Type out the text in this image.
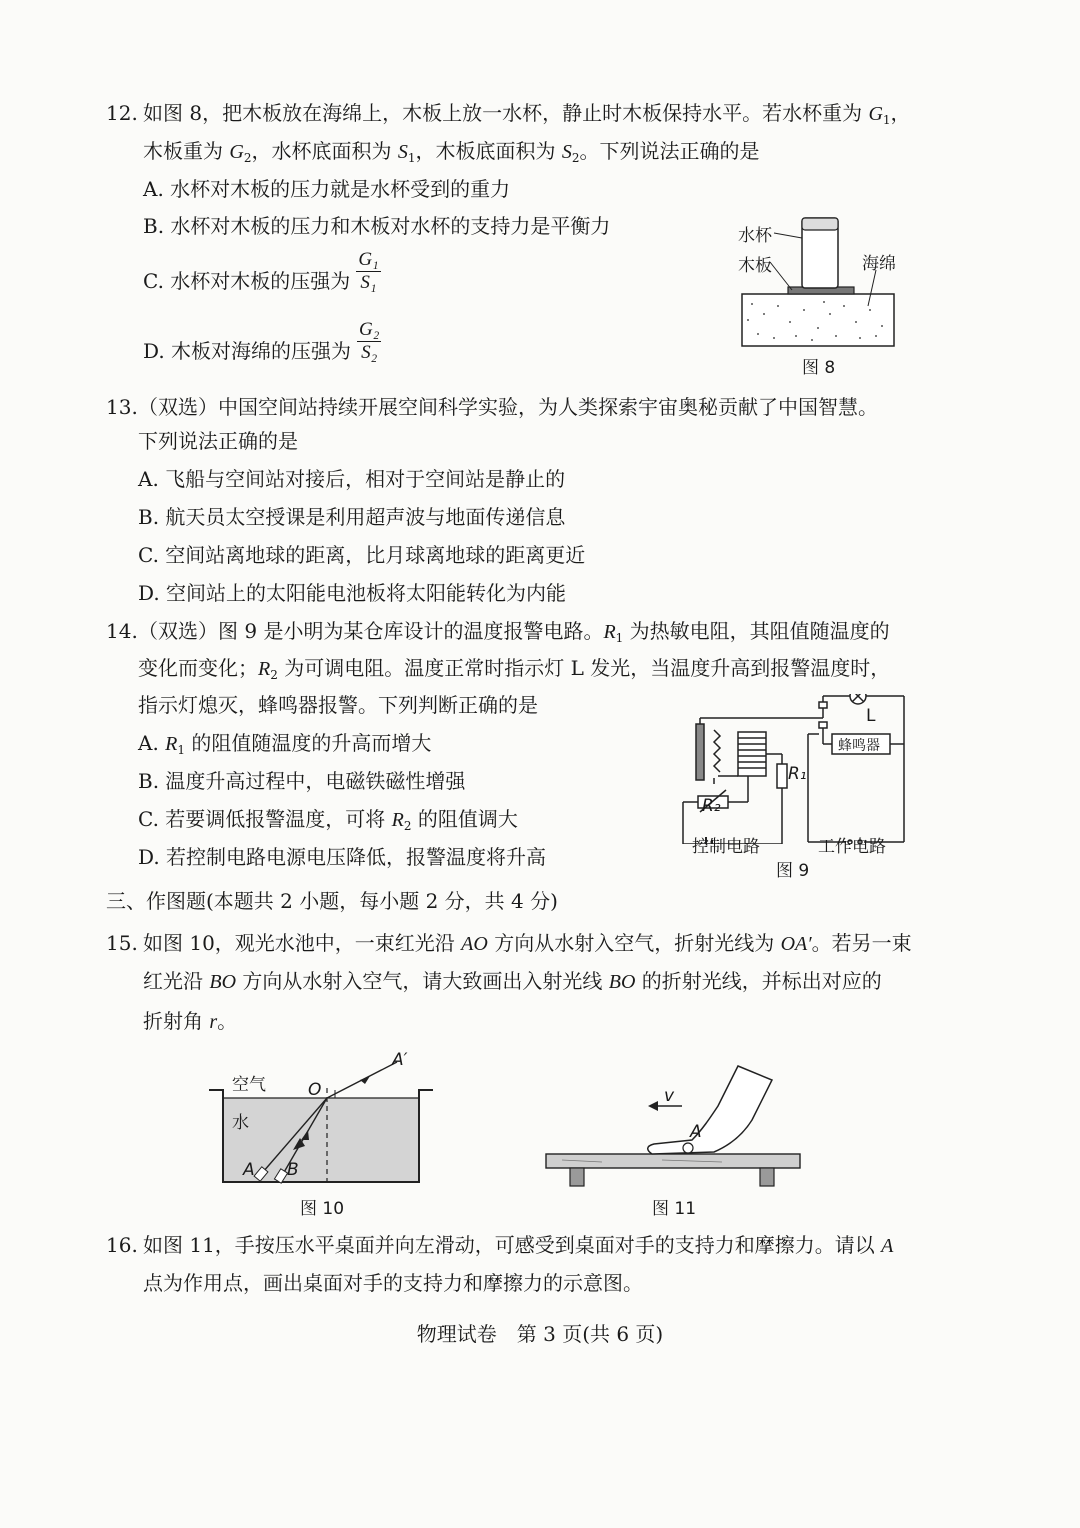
12. 如图 8，把木板放在海绵上，木板上放一水杯，静止时木板保持水平。若水杯重为 $G_1$，
木板重为 $G_2$，水杯底面积为 $S_1$，木板底面积为 $S_2$。下列说法正确的是
A. 水杯对木板的压力就是水杯受到的重力
B. 水杯对木板的压力和木板对水杯的支持力是平衡力
C. 水杯对木板的压强为 $\frac{\text{G₁}}{\text{S₁}}$
D. 木板对海绵的压强为 $\frac{\text{G₂}}{\text{S₂}}$
水杯
木板	海绵
图 8
13. （双选）中国空间站持续开展空间科学实验，为人类探索宇宙奥秘贡献了中国智慧。
下列说法正确的是
A. 飞船与空间站对接后，相对于空间站是静止的
B. 航天员太空授课是利用超声波与地面传递信息
C. 空间站离地球的距离，比月球离地球的距离更近
D. 空间站上的太阳能电池板将太阳能转化为内能
14. （双选）图 9 是小明为某仓库设计的温度报警电路。$R_1$ 为热敏电阻，其阻值随温度的
变化而变化；$R_2$ 为可调电阻。温度正常时指示灯 L 发光，当温度升高到报警温度时，
指示灯熄灭，蜂鸣器报警。下列判断正确的是
A. $R_1$ 的阻值随温度的升高而增大
B. 温度升高过程中，电磁铁磁性增强
C. 若要调低报警温度，可将 $R_2$ 的阻值调大
D. 若控制电路电源电压降低，报警温度将升高
L
蜂鸣器
R₁
R₂
控制电路	工作电路
图 9
三、作图题(本题共 2 小题，每小题 2 分，共 4 分)
15. 如图 10，观光水池中，一束红光沿 AO 方向从水射入空气，折射光线为 OA′。若另一束
红光沿 BO 方向从水射入空气，请大致画出入射光线 BO 的折射光线，并标出对应的
折射角 r。
空气
水
O
A′
A B
图 10
v
A
图 11
16. 如图 11，手按压水平桌面并向左滑动，可感受到桌面对手的支持力和摩擦力。请以 A
点为作用点，画出桌面对手的支持力和摩擦力的示意图。
物理试卷　第 3 页(共 6 页)
